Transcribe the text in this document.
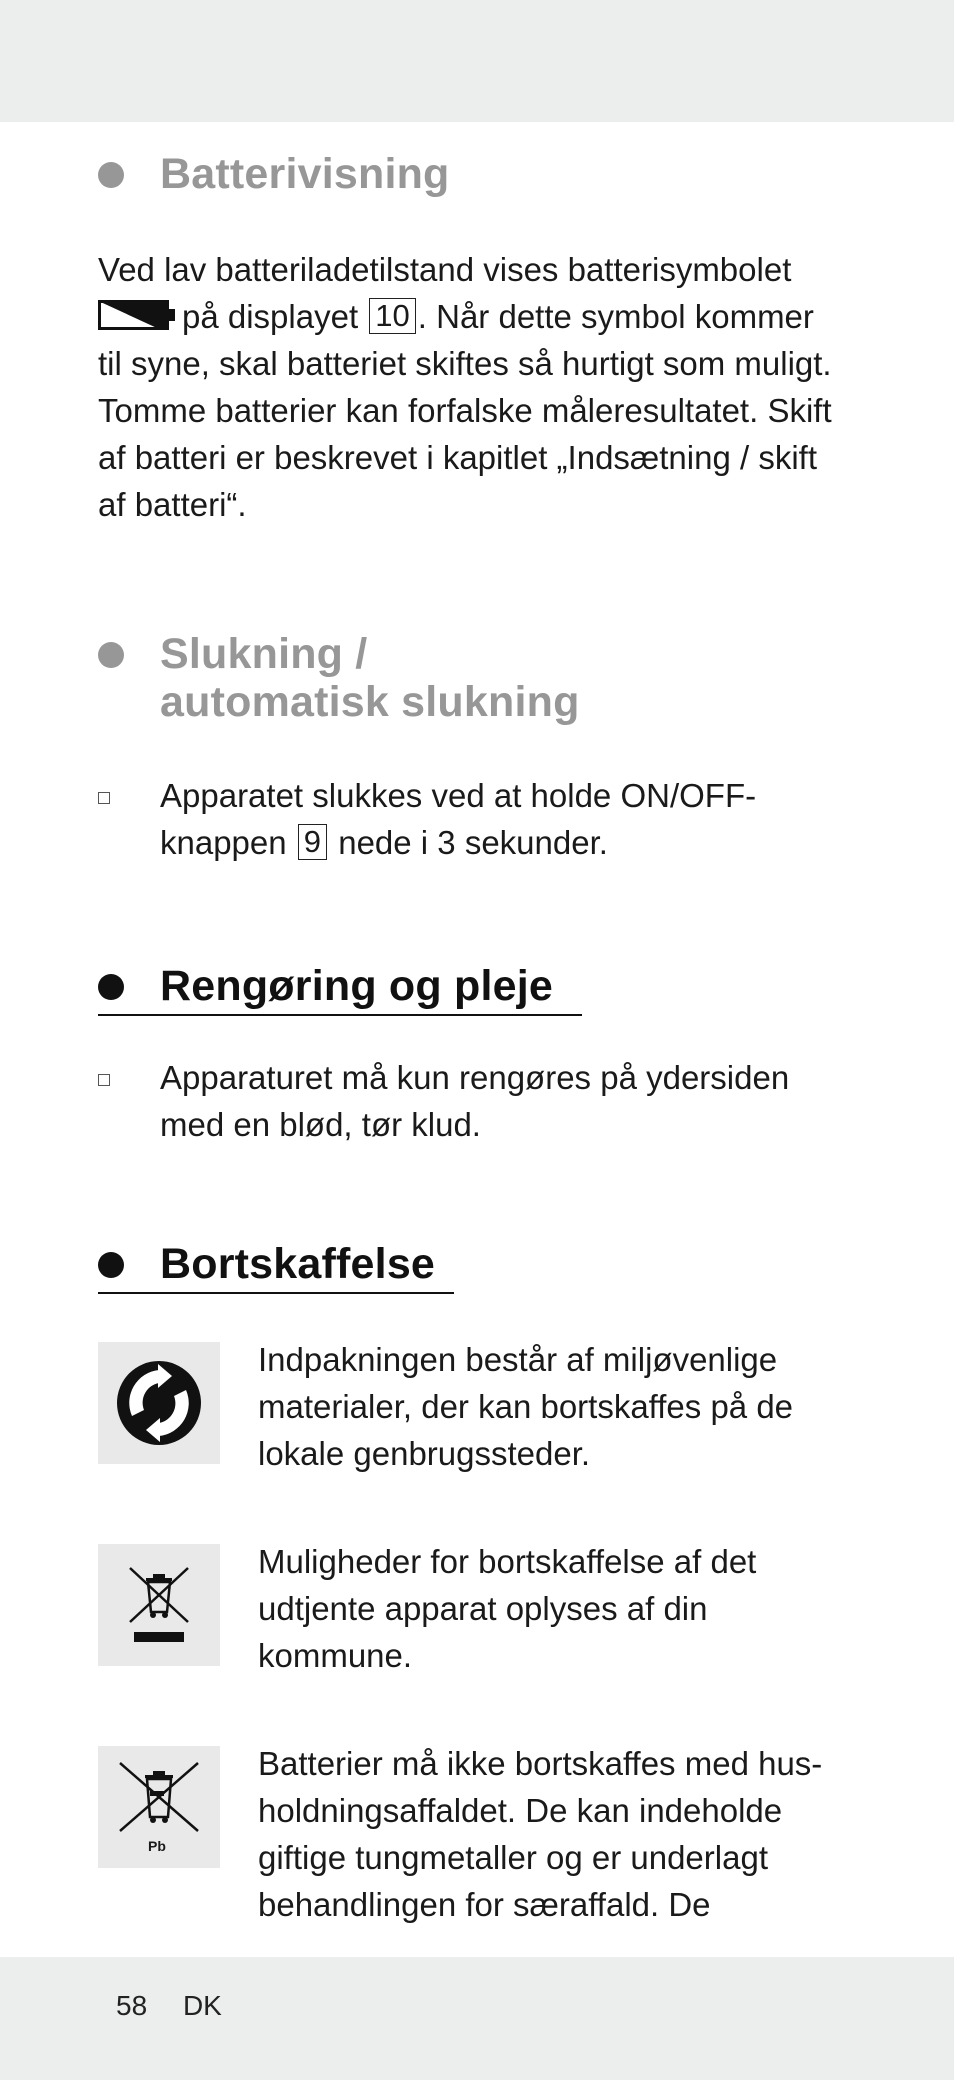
Batterivisning

Ved lav batteriladetilstand vises batterisymbolet
på displayet 10 . Når dette symbol kommer
til syne, skal batteriet skiftes så hurtigt som muligt. Tomme batterier kan forfalske måleresultatet. Skift af batteri er beskrevet i kapitlet „Indsætning / skift af batteri“.

Slukning /
automatisk slukning
Apparatet slukkes ved at holde ON/OFF-knappen 9 nede i 3 sekunder.
Rengøring og pleje
Apparaturet må kun rengøres på ydersiden med en blød, tør klud.
Bortskaffelse
Indpakningen består af miljøvenlige materialer, der kan bortskaffes på de lokale genbrugssteder.
Muligheder for bortskaffelse af det udtjente apparat oplyses af din kommune.
Pb
Batterier må ikke bortskaffes med hus-holdningsaffaldet. De kan indeholde giftige tungmetaller og er underlagt behandlingen for særaffald. De
58 DK
